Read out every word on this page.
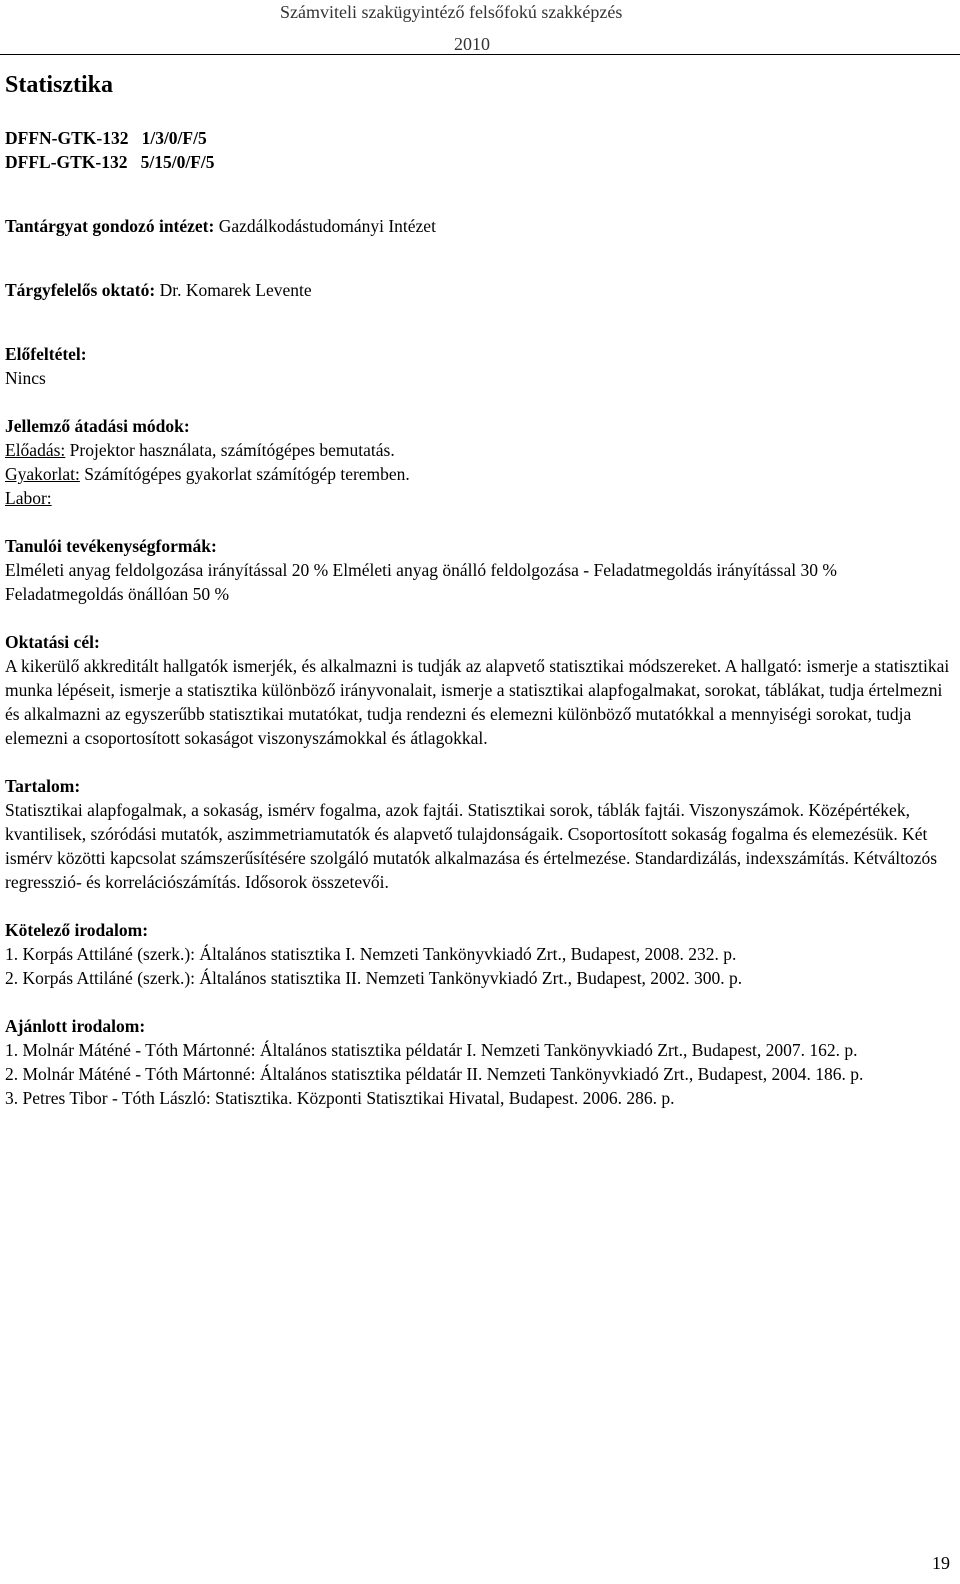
Számviteli szakügyintéző felsőfokú szakképzés
2010
Statisztika

DFFN-GTK-132   1/3/0/F/5

DFFL-GTK-132   5/15/0/F/5

Tantárgyat gondozó intézet: Gazdálkodástudományi Intézet

Tárgyfelelős oktató: Dr. Komarek Levente

Előfeltétel:

Nincs

Jellemző átadási módok:

Előadás: Projektor használata, számítógépes bemutatás.

Gyakorlat: Számítógépes gyakorlat számítógép teremben.

Labor:

Tanulói tevékenységformák:

Elméleti anyag feldolgozása irányítással 20 % Elméleti anyag önálló feldolgozása - Feladatmegoldás irányítással 30 % Feladatmegoldás önállóan 50 %

Oktatási cél:

A kikerülő akkreditált hallgatók ismerjék, és alkalmazni is tudják az alapvető statisztikai módszereket. A hallgató: ismerje a statisztikai munka lépéseit, ismerje a statisztika különböző irányvonalait, ismerje a statisztikai alapfogalmakat, sorokat, táblákat, tudja értelmezni és alkalmazni az egyszerűbb statisztikai mutatókat, tudja rendezni és elemezni különböző mutatókkal a mennyiségi sorokat, tudja elemezni a csoportosított sokaságot viszonyszámokkal és átlagokkal.

Tartalom:

Statisztikai alapfogalmak, a sokaság, ismérv fogalma, azok fajtái. Statisztikai sorok, táblák fajtái. Viszonyszámok. Középértékek, kvantilisek, szóródási mutatók, aszimmetriamutatók és alapvető tulajdonságaik. Csoportosított sokaság fogalma és elemezésük. Két ismérv közötti kapcsolat számszerűsítésére szolgáló mutatók alkalmazása és értelmezése. Standardizálás, indexszámítás. Kétváltozós regresszió- és korrelációszámítás. Idősorok összetevői.

Kötelező irodalom:

1. Korpás Attiláné (szerk.): Általános statisztika I. Nemzeti Tankönyvkiadó Zrt., Budapest, 2008. 232. p.

2. Korpás Attiláné (szerk.): Általános statisztika II. Nemzeti Tankönyvkiadó Zrt., Budapest, 2002. 300. p.

Ajánlott irodalom:

1. Molnár Máténé - Tóth Mártonné: Általános statisztika példatár I. Nemzeti Tankönyvkiadó Zrt., Budapest, 2007. 162. p.

2. Molnár Máténé - Tóth Mártonné: Általános statisztika példatár II. Nemzeti Tankönyvkiadó Zrt., Budapest, 2004. 186. p.

3. Petres Tibor - Tóth László: Statisztika. Központi Statisztikai Hivatal, Budapest. 2006. 286. p.

19
